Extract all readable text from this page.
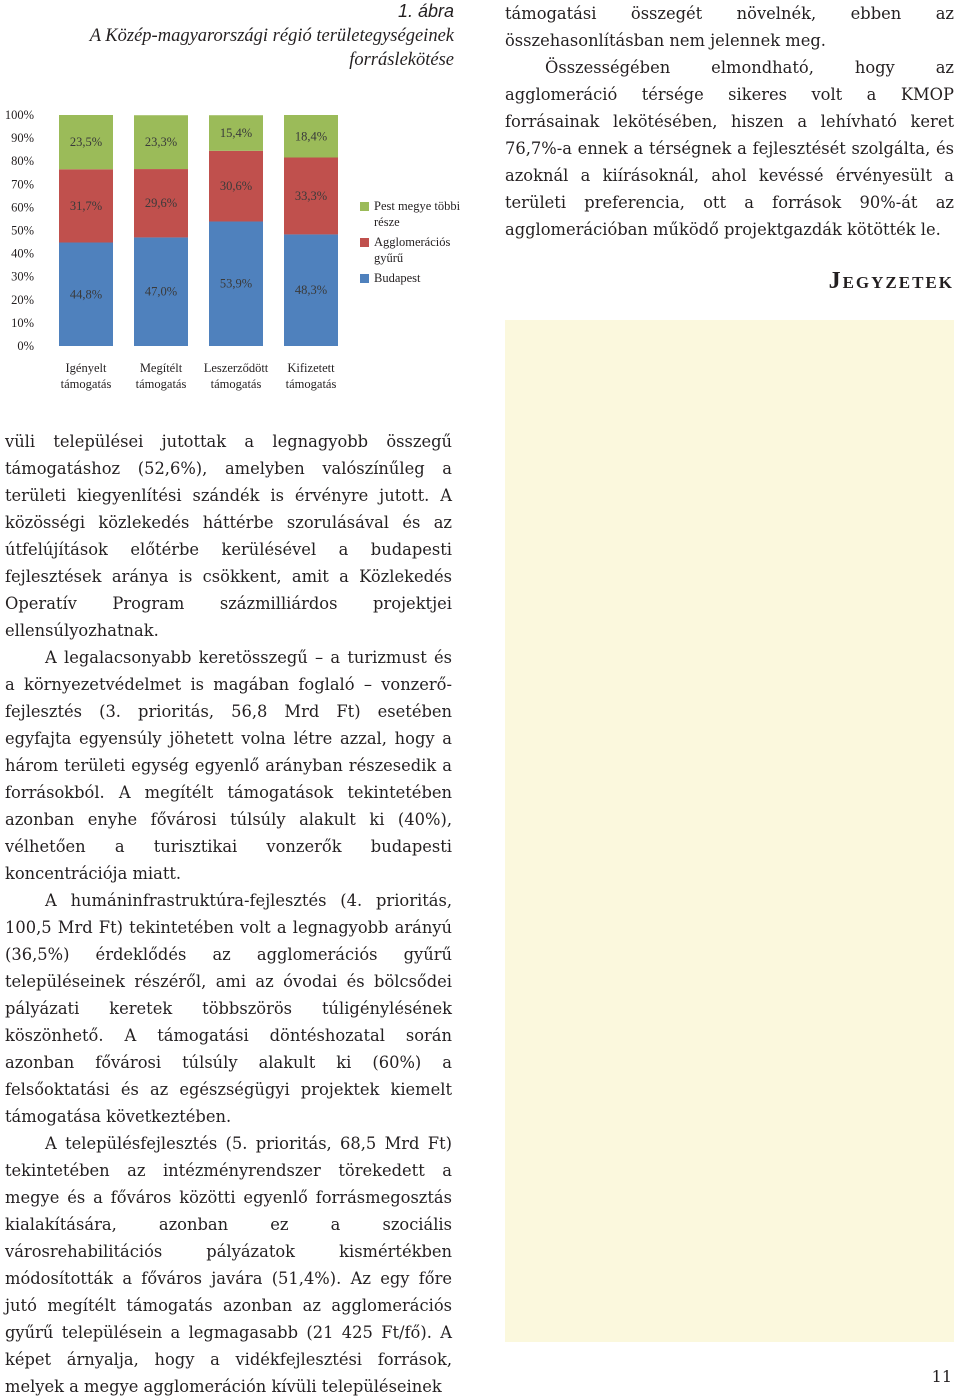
1. ábra
A Közép-magyarországi régió területegységeinek
forráslekötése
0%
10%
20%
30%
40%
50%
60%
70%
80%
90%
100%
44,8%
31,7%
23,5%
Igényelt
támogatás
47,0%
29,6%
23,3%
Megítélt
támogatás
53,9%
30,6%
15,4%
Leszerződött
támogatás
48,3%
33,3%
18,4%
Kifizetett
támogatás
Pest megye többi része
Agglomerációs gyűrű
Budapest

támogatási összegét növelnék, ebben az összehasonlításban nem jelennek meg.

Összességében elmondható, hogy az agglomeráció térsége sikeres volt a KMOP forrásainak lekötésében, hiszen a lehívható keret 76,7%-a ennek a térségnek a fejlesztését szolgálta, és azoknál a kiírásoknál, ahol kevéssé érvényesült a területi preferencia, ott a források 90%-át az agglomerációban működő projektgazdák kötötték le.

Jegyzetek

vüli települései jutottak a legnagyobb összegű támogatáshoz (52,6%), amelyben valószínűleg a területi kiegyenlítési szándék is érvényre jutott. A közösségi közlekedés háttérbe szorulásával és az útfelújítások előtérbe kerülésével a budapesti fejlesztések aránya is csökkent, amit a Közlekedés Operatív Program százmilliárdos projektjei ellensúlyozhatnak.

A legalacsonyabb keretösszegű – a turizmust és a környezetvédelmet is magában foglaló – vonzerő-fejlesztés (3. prioritás, 56,8 Mrd Ft) esetében egyfajta egyensúly jöhetett volna létre azzal, hogy a három területi egység egyenlő arányban részesedik a forrásokból. A megítélt támogatások tekintetében azonban enyhe fővárosi túlsúly alakult ki (40%), vélhetően a turisztikai vonzerők budapesti koncentrációja miatt.

A humáninfrastruktúra-fejlesztés (4. prioritás, 100,5 Mrd Ft) tekintetében volt a legnagyobb arányú (36,5%) érdeklődés az agglomerációs gyűrű településeinek részéről, ami az óvodai és bölcsődei pályázati keretek többszörös túligénylésének köszönhető. A támogatási döntéshozatal során azonban fővárosi túlsúly alakult ki (60%) a felsőoktatási és az egészségügyi projektek kiemelt támogatása következtében.

A településfejlesztés (5. prioritás, 68,5 Mrd Ft) tekintetében az intézményrendszer törekedett a megye és a főváros közötti egyenlő forrásmegosztás kialakítására, azonban ez a szociális városrehabilitációs pályázatok kismértékben módosították a főváros javára (51,4%). Az egy főre jutó megítélt támogatás azonban az agglomerációs gyűrű településein a legmagasabb (21 425 Ft/fő). A képet árnyalja, hogy a vidékfejlesztési források, melyek a megye agglomeráción kívüli településeinek

11
